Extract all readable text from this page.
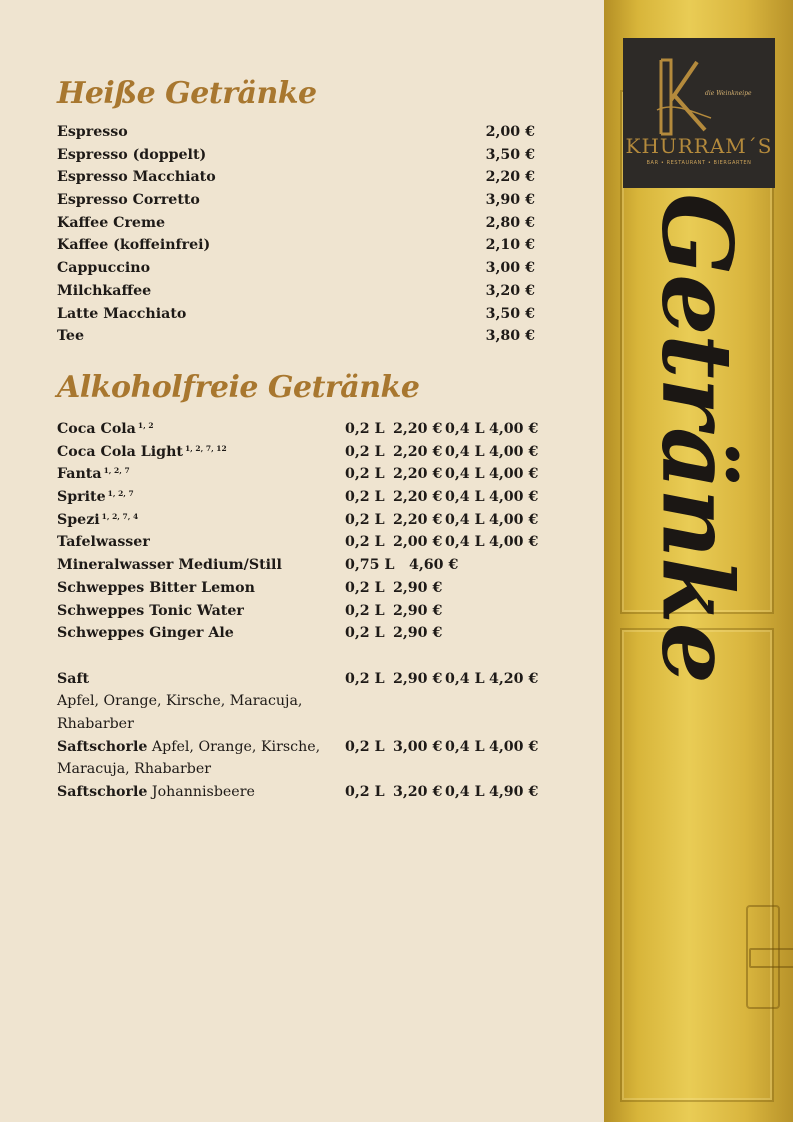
die Weinkneipe
KHURRAM´S
BAR • RESTAURANT • BIERGARTEN
Getränke
Heiße Getränke
Espresso	2,00 €
Espresso (doppelt)	3,50 €
Espresso Macchiato	2,20 €
Espresso Corretto	3,90 €
Kaffee Creme	2,80 €
Kaffee (koffeinfrei)	2,10 €
Cappuccino	3,00 €
Milchkaffee	3,20 €
Latte Macchiato	3,50 €
Tee	3,80 €
Alkoholfreie Getränke
Coca Cola $^{1, 2}$	0,2 L 2,20 € 0,4 L 4,00 €
Coca Cola Light $^{1, 2, 7, 12}$	0,2 L 2,20 € 0,4 L 4,00 €
Fanta $^{1, 2, 7}$	0,2 L 2,20 € 0,4 L 4,00 €
Sprite $^{1, 2, 7}$	0,2 L 2,20 € 0,4 L 4,00 €
Spezi $^{1, 2, 7, 4}$	0,2 L 2,20 € 0,4 L 4,00 €
Tafelwasser	0,2 L 2,00 € 0,4 L 4,00 €
Mineralwasser Medium/Still	0,75 L 4,60 €
Schweppes Bitter Lemon	0,2 L 2,90 €
Schweppes Tonic Water	0,2 L 2,90 €
Schweppes Ginger Ale	0,2 L 2,90 €
Saft	0,2 L 2,90 € 0,4 L 4,20 €
Apfel, Orange, Kirsche, Maracuja,
Rhabarber
Saftschorle Apfel, Orange, Kirsche, 0,2 L 3,00 € 0,4 L 4,00 €
Maracuja, Rhabarber
Saftschorle Johannisbeere	0,2 L 3,20 € 0,4 L 4,90 €
